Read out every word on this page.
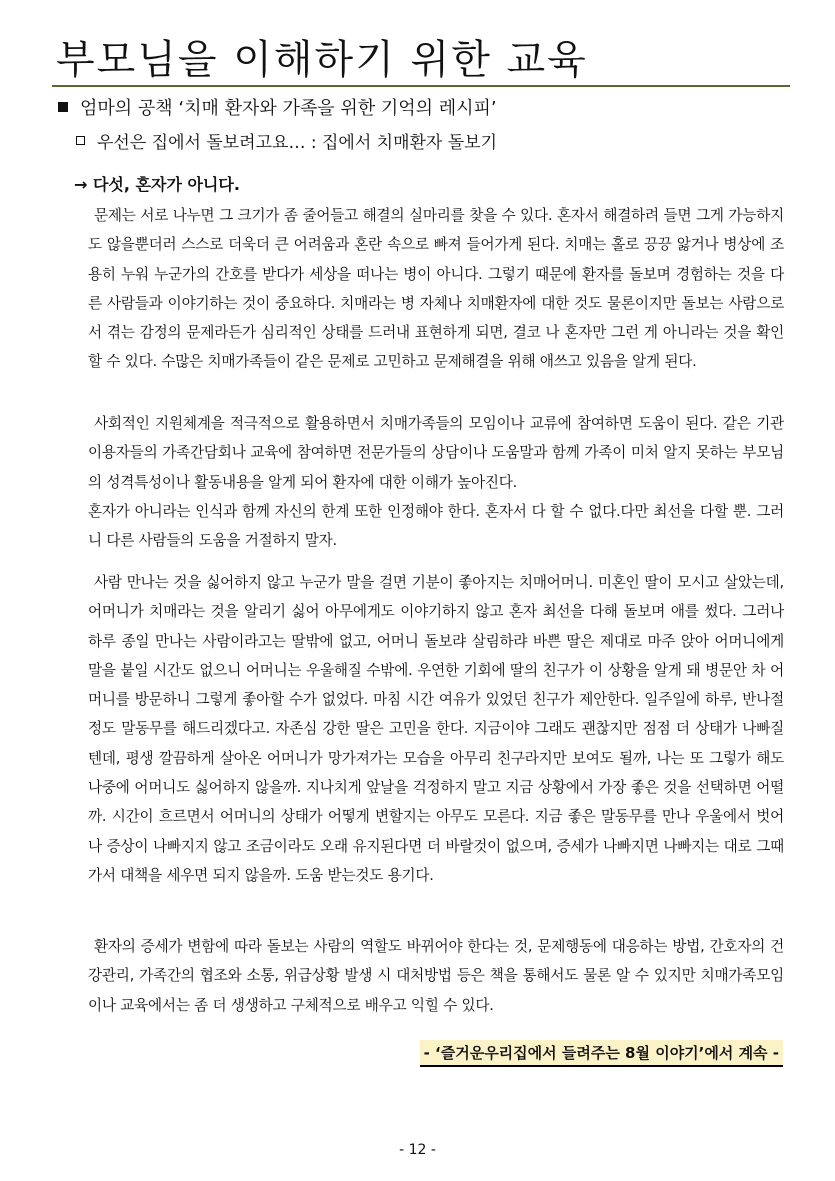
부모님을 이해하기 위한 교육
엄마의 공책 ‘치매 환자와 가족을 위한 기억의 레시피’
우선은 집에서 돌보려고요… : 집에서 치매환자 돌보기
→ 다섯, 혼자가 아니다.

문제는 서로 나누면 그 크기가 좀 줄어들고 해결의 실마리를 찾을 수 있다. 혼자서 해결하려 들면 그게 가능하지도 않을뿐더러 스스로 더욱더 큰 어려움과 혼란 속으로 빠져 들어가게 된다. 치매는 홀로 끙끙 앓거나 병상에 조용히 누워 누군가의 간호를 받다가 세상을 떠나는 병이 아니다. 그렇기 때문에 환자를 돌보며 경험하는 것을 다른 사람들과 이야기하는 것이 중요하다. 치매라는 병 자체나 치매환자에 대한 것도 물론이지만 돌보는 사람으로서 겪는 감정의 문제라든가 심리적인 상태를 드러내 표현하게 되면, 결코 나 혼자만 그런 게 아니라는 것을 확인할 수 있다. 수많은 치매가족들이 같은 문제로 고민하고 문제해결을 위해 애쓰고 있음을 알게 된다.

사회적인 지원체계을 적극적으로 활용하면서 치매가족들의 모임이나 교류에 참여하면 도움이 된다. 같은 기관 이용자들의 가족간담회나 교육에 참여하면 전문가들의 상담이나 도움말과 함께 가족이 미처 알지 못하는 부모님의 성격특성이나 활동내용을 알게 되어 환자에 대한 이해가 높아진다.
혼자가 아니라는 인식과 함께 자신의 한계 또한 인정해야 한다. 혼자서 다 할 수 없다.다만 최선을 다할 뿐. 그러니 다른 사람들의 도움을 거절하지 말자.

사람 만나는 것을 싫어하지 않고 누군가 말을 걸면 기분이 좋아지는 치매어머니. 미혼인 딸이 모시고 살았는데, 어머니가 치매라는 것을 알리기 싫어 아무에게도 이야기하지 않고 혼자 최선을 다해 돌보며 애를 썼다. 그러나 하루 종일 만나는 사람이라고는 딸밖에 없고, 어머니 돌보랴 살림하랴 바쁜 딸은 제대로 마주 앉아 어머니에게 말을 붙일 시간도 없으니 어머니는 우울해질 수밖에. 우연한 기회에 딸의 친구가 이 상황을 알게 돼 병문안 차 어머니를 방문하니 그렇게 좋아할 수가 없었다. 마침 시간 여유가 있었던 친구가 제안한다. 일주일에 하루, 반나절 정도 말동무를 해드리겠다고. 자존심 강한 딸은 고민을 한다. 지금이야 그래도 괜찮지만 점점 더 상태가 나빠질텐데, 평생 깔끔하게 살아온 어머니가 망가져가는 모습을 아무리 친구라지만 보여도 될까, 나는 또 그렇가 해도 나중에 어머니도 싫어하지 않을까. 지나치게 앞날을 걱정하지 말고 지금 상황에서 가장 좋은 것을 선택하면 어떨까. 시간이 흐르면서 어머니의 상태가 어떻게 변할지는 아무도 모른다. 지금 좋은 말동무를 만나 우울에서 벗어나 증상이 나빠지지 않고 조금이라도 오래 유지된다면 더 바랄것이 없으며, 증세가 나빠지면 나빠지는 대로 그때 가서 대책을 세우면 되지 않을까. 도움 받는것도 용기다.

환자의 증세가 변함에 따라 돌보는 사람의 역할도 바뀌어야 한다는 것, 문제행동에 대응하는 방법, 간호자의 건강관리, 가족간의 협조와 소통, 위급상황 발생 시 대처방법 등은 책을 통해서도 물론 알 수 있지만 치매가족모임이나 교육에서는 좀 더 생생하고 구체적으로 배우고 익힐 수 있다.

- ‘즐거운우리집에서 들려주는 8월 이야기’에서 계속 -
- 12 -
